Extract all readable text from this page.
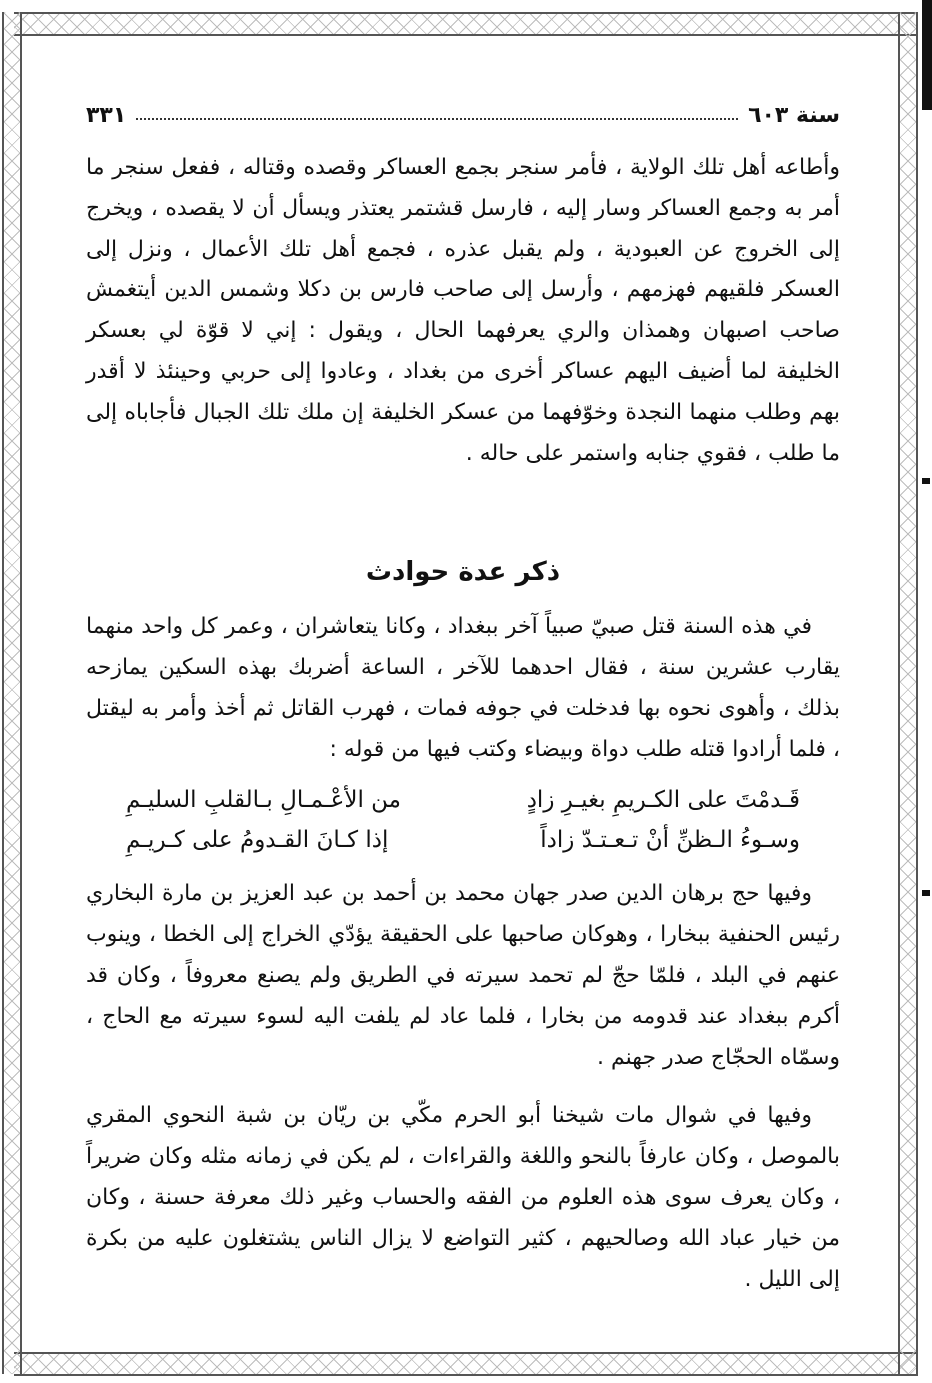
سنة ٦٠٣
٣٣١

وأطاعه أهل تلك الولاية ، فأمر سنجر بجمع العساكر وقصده وقتاله ، ففعل سنجر ما أمر به وجمع العساكر وسار إليه ، فارسل قشتمر يعتذر ويسأل أن لا يقصده ، ويخرج إلى الخروج عن العبودية ، ولم يقبل عذره ، فجمع أهل تلك الأعمال ، ونزل إلى العسكر فلقيهم فهزمهم ، وأرسل إلى صاحب فارس بن دكلا وشمس الدين أيتغمش صاحب اصبهان وهمذان والري يعرفهما الحال ، ويقول : إني لا قوّة لي بعسكر الخليفة لما أضيف اليهم عساكر أخرى من بغداد ، وعادوا إلى حربي وحينئذ لا أقدر بهم وطلب منهما النجدة وخوّفهما من عسكر الخليفة إن ملك تلك الجبال فأجاباه إلى ما طلب ، فقوي جنابه واستمر على حاله .

ذكر عدة حوادث

في هذه السنة قتل صبيّ صبياً آخر ببغداد ، وكانا يتعاشران ، وعمر كل واحد منهما يقارب عشرين سنة ، فقال احدهما للآخر ، الساعة أضربك بهذه السكين يمازحه بذلك ، وأهوى نحوه بها فدخلت في جوفه فمات ، فهرب القاتل ثم أخذ وأمر به ليقتل ، فلما أرادوا قتله طلب دواة وبيضاء وكتب فيها من قوله :

قَـدمْتَ على الكـريمِ بغيـرِ زادٍ
من الأعْـمـالِ بـالقلبِ السليـمِ
وسـوءُ الـظنِّ أنْ تـعـتـدّ زاداً
إذا كـانَ القـدومُ على كـريـمِ

وفيها حج برهان الدين صدر جهان محمد بن أحمد بن عبد العزيز بن مارة البخاري رئيس الحنفية ببخارا ، وهوكان صاحبها على الحقيقة يؤدّي الخراج إلى الخطا ، وينوب عنهم في البلد ، فلمّا حجّ لم تحمد سيرته في الطريق ولم يصنع معروفاً ، وكان قد أكرم ببغداد عند قدومه من بخارا ، فلما عاد لم يلفت اليه لسوء سيرته مع الحاج ، وسمّاه الحجّاج صدر جهنم .

وفيها في شوال مات شيخنا أبو الحرم مكّي بن ريّان بن شبة النحوي المقري بالموصل ، وكان عارفاً بالنحو واللغة والقراءات ، لم يكن في زمانه مثله وكان ضريراً ، وكان يعرف سوى هذه العلوم من الفقه والحساب وغير ذلك معرفة حسنة ، وكان من خيار عباد الله وصالحيهم ، كثير التواضع لا يزال الناس يشتغلون عليه من بكرة إلى الليل .
